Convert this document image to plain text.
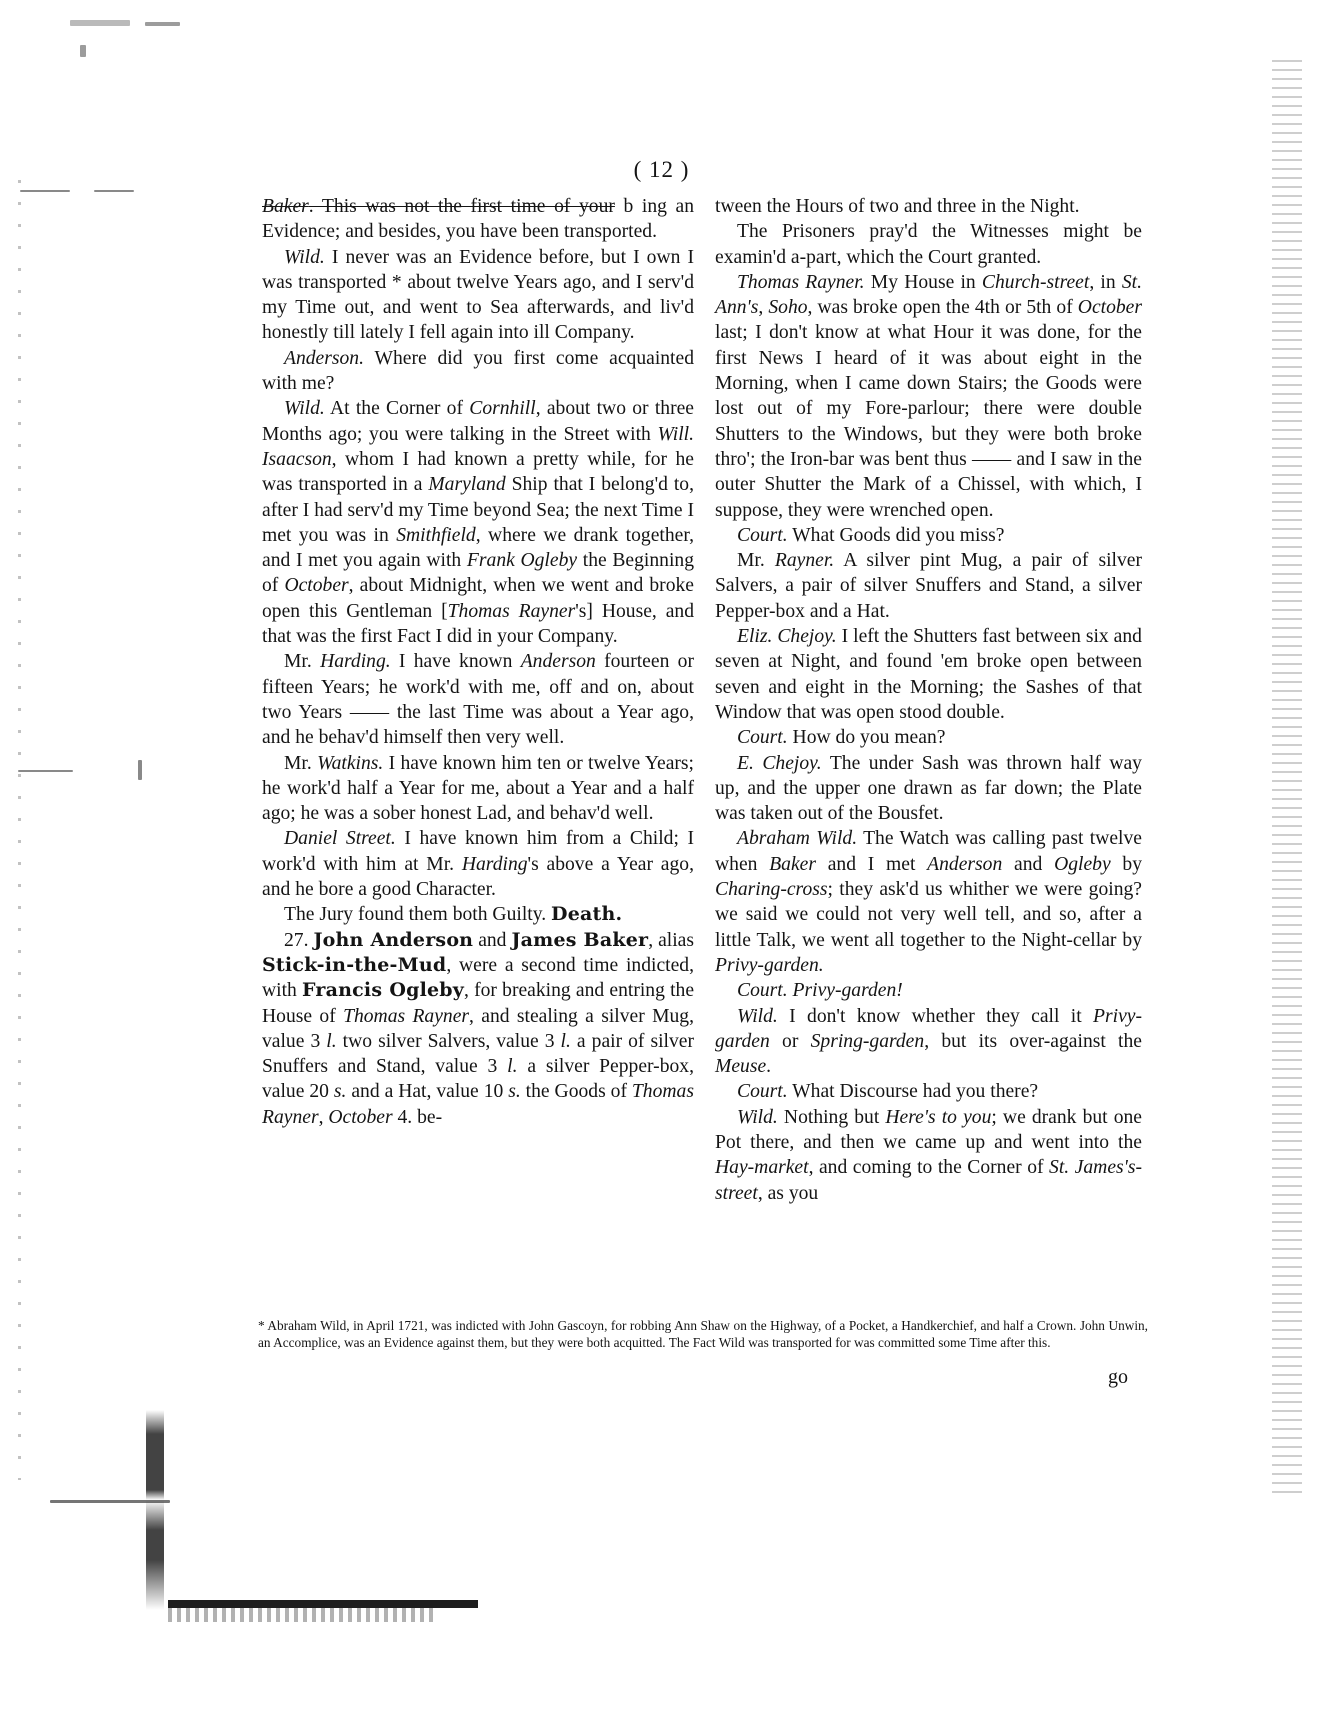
( 12 )

Baker. This was not the first time of your b ing an Evidence; and besides, you have been transported.

Wild. I never was an Evidence before, but I own I was transported * about twelve Years ago, and I serv'd my Time out, and went to Sea afterwards, and liv'd honestly till lately I fell again into ill Company.

Anderson. Where did you first come acquainted with me?

Wild. At the Corner of Cornhill, about two or three Months ago; you were talking in the Street with Will. Isaacson, whom I had known a pretty while, for he was transported in a Maryland Ship that I belong'd to, after I had serv'd my Time beyond Sea; the next Time I met you was in Smithfield, where we drank together, and I met you again with Frank Ogleby the Beginning of October, about Midnight, when we went and broke open this Gentleman [Thomas Rayner's] House, and that was the first Fact I did in your Company.

Mr. Harding. I have known Anderson fourteen or fifteen Years; he work'd with me, off and on, about two Years —— the last Time was about a Year ago, and he behav'd himself then very well.

Mr. Watkins. I have known him ten or twelve Years; he work'd half a Year for me, about a Year and a half ago; he was a sober honest Lad, and behav'd well.

Daniel Street. I have known him from a Child; I work'd with him at Mr. Harding's above a Year ago, and he bore a good Character.

The Jury found them both Guilty. Death.

27. John Anderson and James Baker, alias Stick-in-the-Mud, were a second time indicted, with Francis Ogleby, for breaking and entring the House of Thomas Rayner, and stealing a silver Mug, value 3 l. two silver Salvers, value 3 l. a pair of silver Snuffers and Stand, value 3 l. a silver Pepper-box, value 20 s. and a Hat, value 10 s. the Goods of Thomas Rayner, October 4. be-

tween the Hours of two and three in the Night.

The Prisoners pray'd the Witnesses might be examin'd a-part, which the Court granted.

Thomas Rayner. My House in Church-street, in St. Ann's, Soho, was broke open the 4th or 5th of October last; I don't know at what Hour it was done, for the first News I heard of it was about eight in the Morning, when I came down Stairs; the Goods were lost out of my Fore-parlour; there were double Shutters to the Windows, but they were both broke thro'; the Iron-bar was bent thus —— and I saw in the outer Shutter the Mark of a Chissel, with which, I suppose, they were wrenched open.

Court. What Goods did you miss?

Mr. Rayner. A silver pint Mug, a pair of silver Salvers, a pair of silver Snuffers and Stand, a silver Pepper-box and a Hat.

Eliz. Chejoy. I left the Shutters fast between six and seven at Night, and found 'em broke open between seven and eight in the Morning; the Sashes of that Window that was open stood double.

Court. How do you mean?

E. Chejoy. The under Sash was thrown half way up, and the upper one drawn as far down; the Plate was taken out of the Bousfet.

Abraham Wild. The Watch was calling past twelve when Baker and I met Anderson and Ogleby by Charing-cross; they ask'd us whither we were going? we said we could not very well tell, and so, after a little Talk, we went all together to the Night-cellar by Privy-garden.

Court. Privy-garden!

Wild. I don't know whether they call it Privy-garden or Spring-garden, but its over-against the Meuse.

Court. What Discourse had you there?

Wild. Nothing but Here's to you; we drank but one Pot there, and then we came up and went into the Hay-market, and coming to the Corner of St. James's-street, as you

* Abraham Wild, in April 1721, was indicted with John Gascoyn, for robbing Ann Shaw on the Highway, of a Pocket, a Handkerchief, and half a Crown. John Unwin, an Accomplice, was an Evidence against them, but they were both acquitted. The Fact Wild was transported for was committed some Time after this.
go
